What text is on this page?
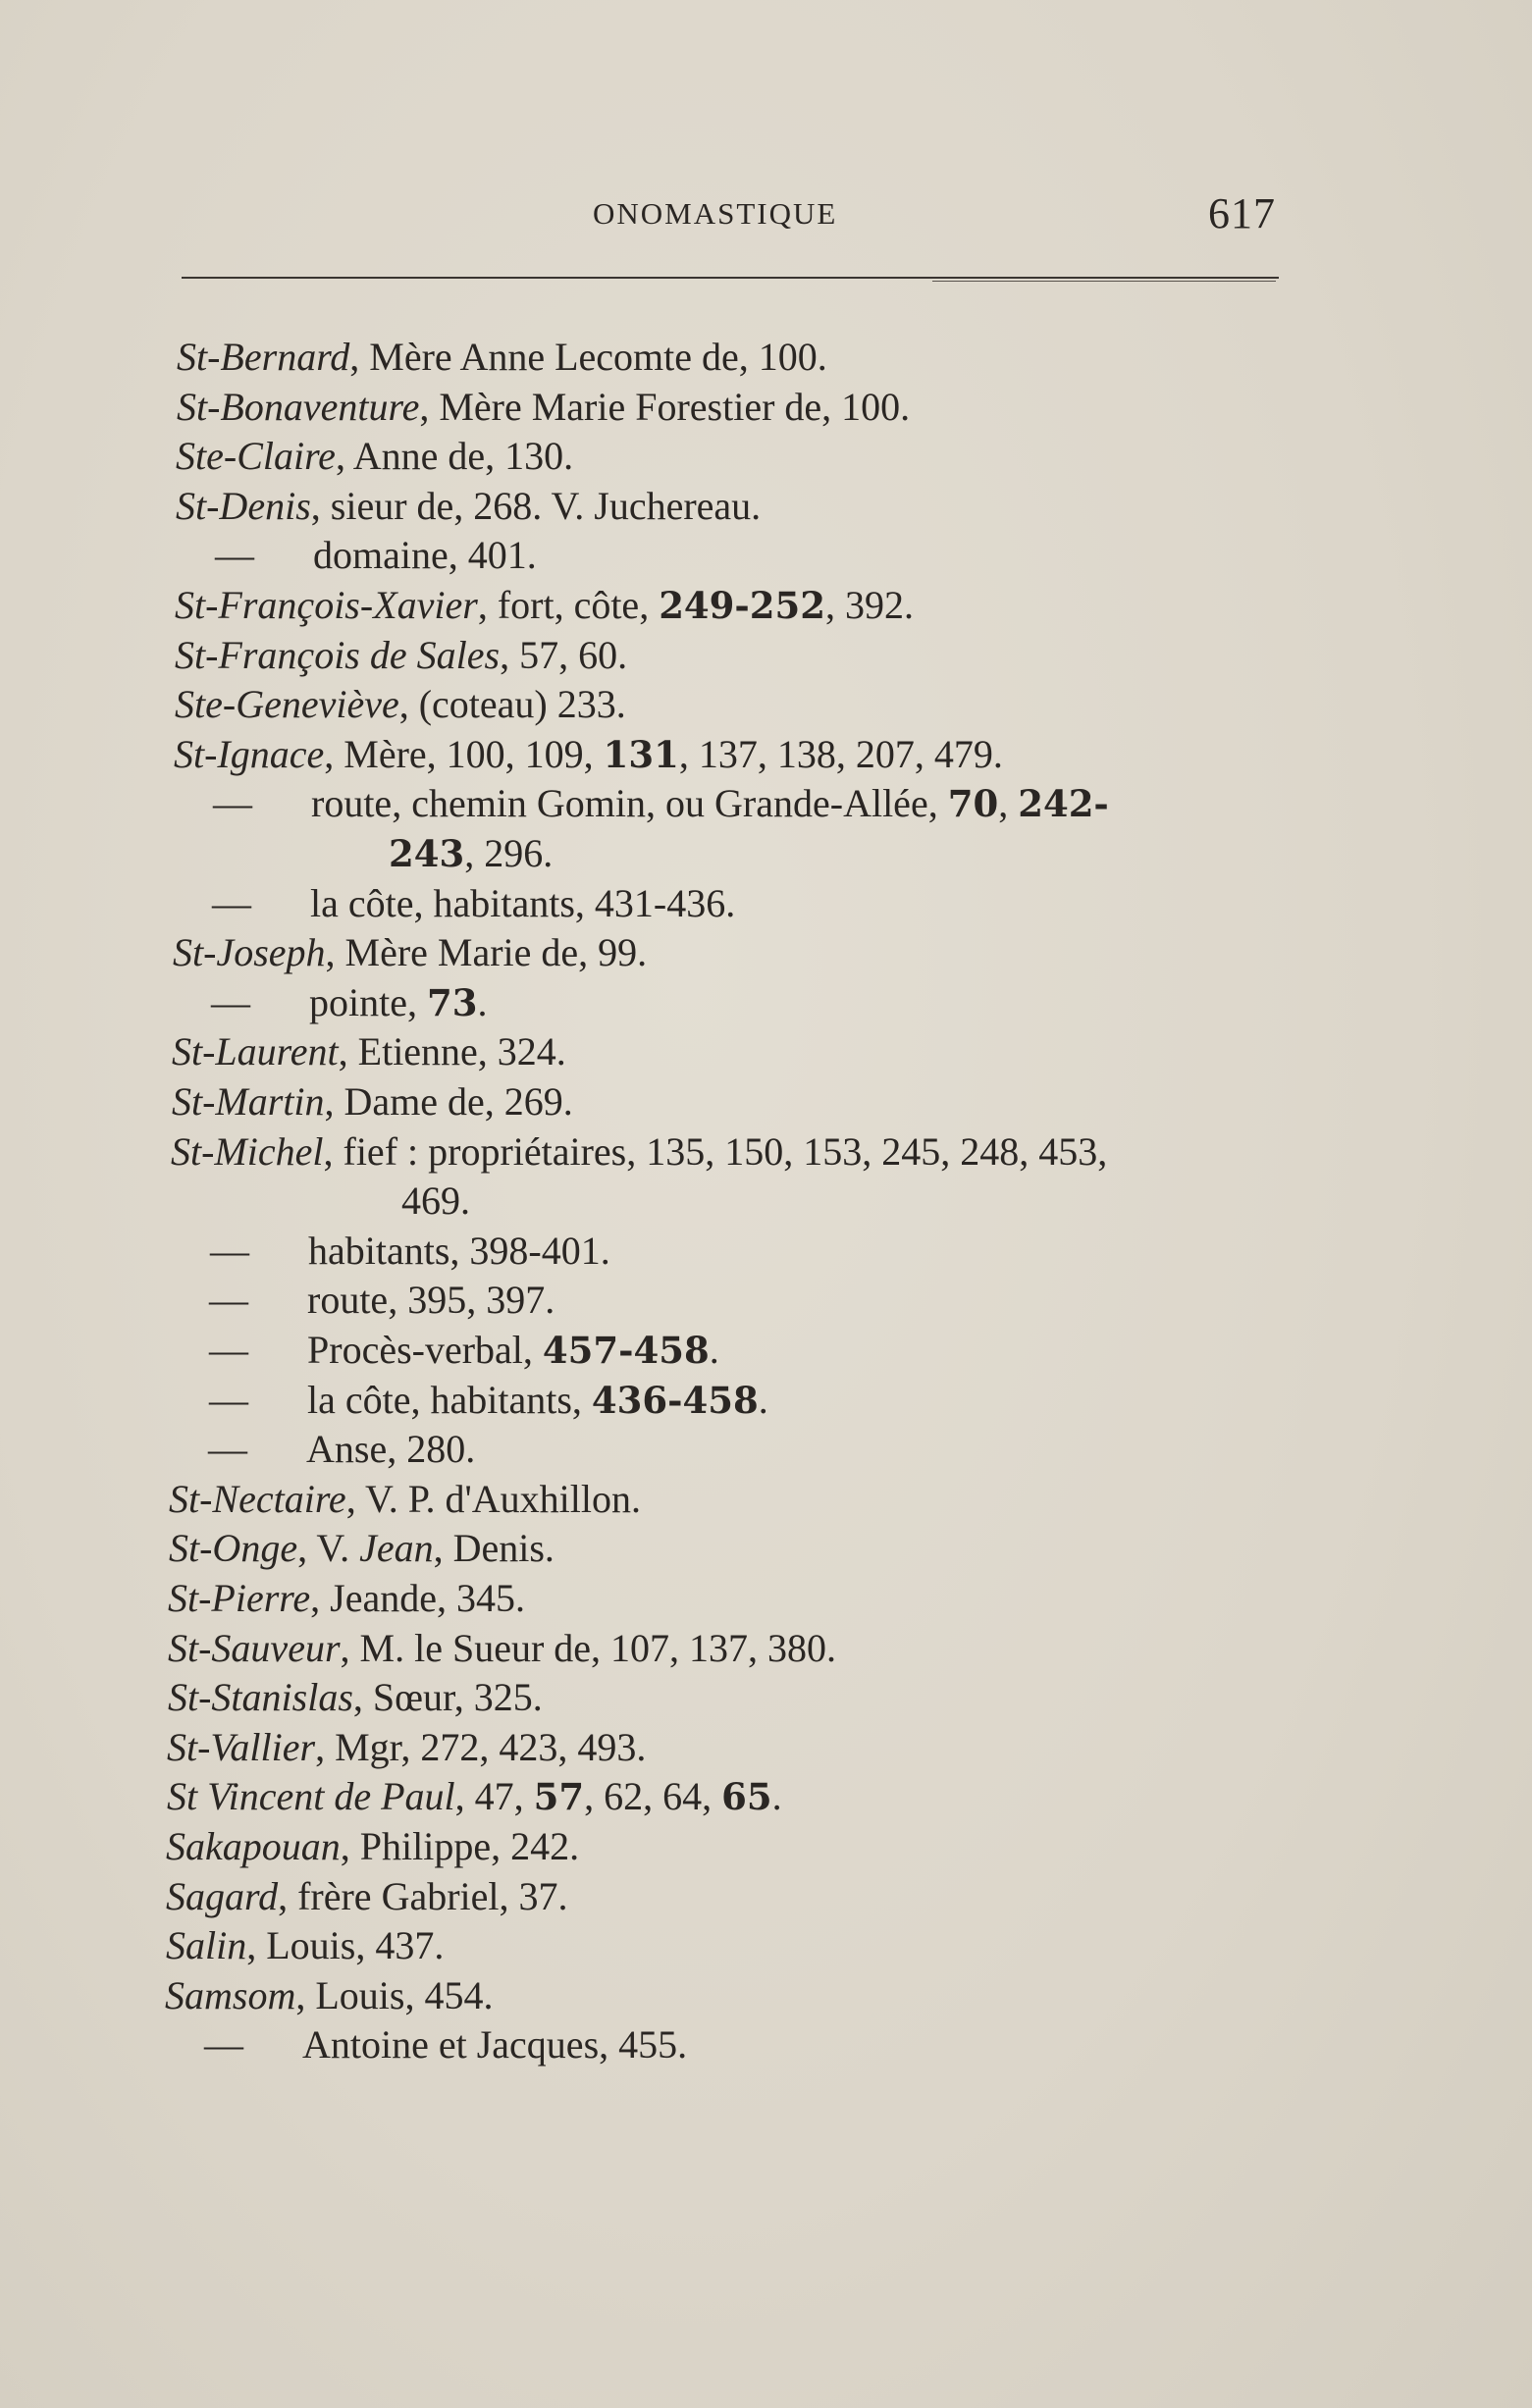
ONOMASTIQUE	617
St-Bernard, Mère Anne Lecomte de, 100.
St-Bonaventure, Mère Marie Forestier de, 100.
Ste-Claire, Anne de, 130.
St-Denis, sieur de, 268. V. Juchereau.
— domaine, 401.
St-François-Xavier, fort, côte, 249-252, 392.
St-François de Sales, 57, 60.
Ste-Geneviève, (coteau) 233.
St-Ignace, Mère, 100, 109, 131, 137, 138, 207, 479.
— route, chemin Gomin, ou Grande-Allée, 70, 242-
243, 296.
— la côte, habitants, 431-436.
St-Joseph, Mère Marie de, 99.
— pointe, 73.
St-Laurent, Etienne, 324.
St-Martin, Dame de, 269.
St-Michel, fief : propriétaires, 135, 150, 153, 245, 248, 453,
469.
— habitants, 398-401.
— route, 395, 397.
— Procès-verbal, 457-458.
— la côte, habitants, 436-458.
— Anse, 280.
St-Nectaire, V. P. d'Auxhillon.
St-Onge, V. Jean, Denis.
St-Pierre, Jeande, 345.
St-Sauveur, M. le Sueur de, 107, 137, 380.
St-Stanislas, Sœur, 325.
St-Vallier, Mgr, 272, 423, 493.
St Vincent de Paul, 47, 57, 62, 64, 65.
Sakapouan, Philippe, 242.
Sagard, frère Gabriel, 37.
Salin, Louis, 437.
Samsom, Louis, 454.
— Antoine et Jacques, 455.
